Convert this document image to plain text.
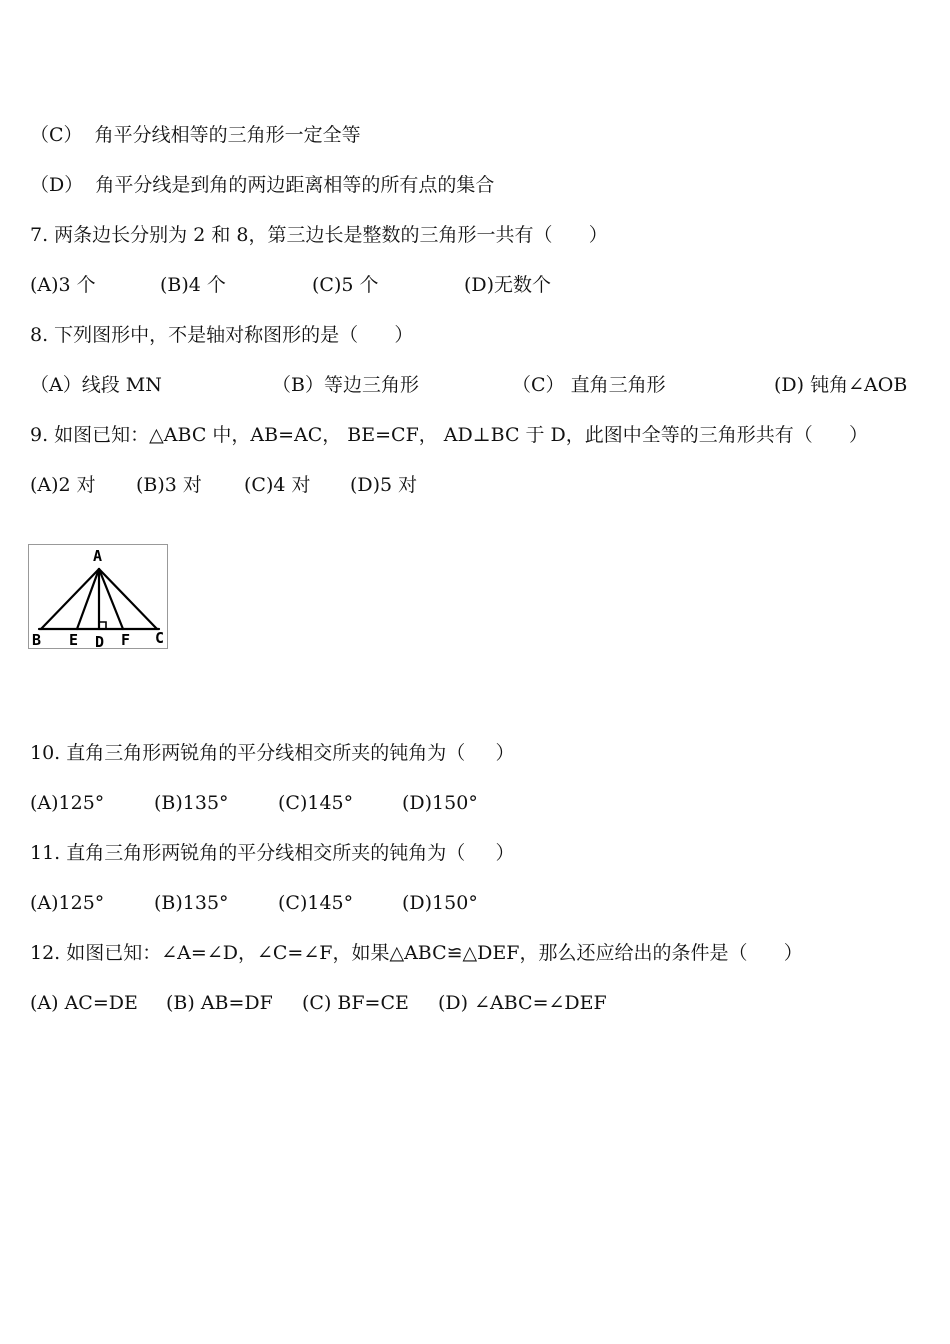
（C）  角平分线相等的三角形一定全等
（D）  角平分线是到角的两边距离相等的所有点的集合
7. 两条边长分别为 2 和 8，第三边长是整数的三角形一共有（      ）
(A)3 个	(B)4 个	(C)5 个	(D)无数个
8. 下列图形中，不是轴对称图形的是（      ）
（A）线段 MN	（B）等边三角形	（C） 直角三角形	(D) 钝角∠AOB
9. 如图已知：△ABC 中，AB=AC， BE=CF， AD⊥BC 于 D，此图中全等的三角形共有（      ）
(A)2 对 (B)3 对 (C)4 对 (D)5 对
A
B E D F C
10. 直角三角形两锐角的平分线相交所夹的钝角为（     ）
(A)125°	(B)135°	(C)145°	(D)150°
11. 直角三角形两锐角的平分线相交所夹的钝角为（     ）
(A)125°	(B)135°	(C)145°	(D)150°
12. 如图已知：∠A=∠D，∠C=∠F，如果△ABC≌△DEF，那么还应给出的条件是（      ）
(A) AC=DE (B) AB=DF (C) BF=CE (D) ∠ABC=∠DEF
